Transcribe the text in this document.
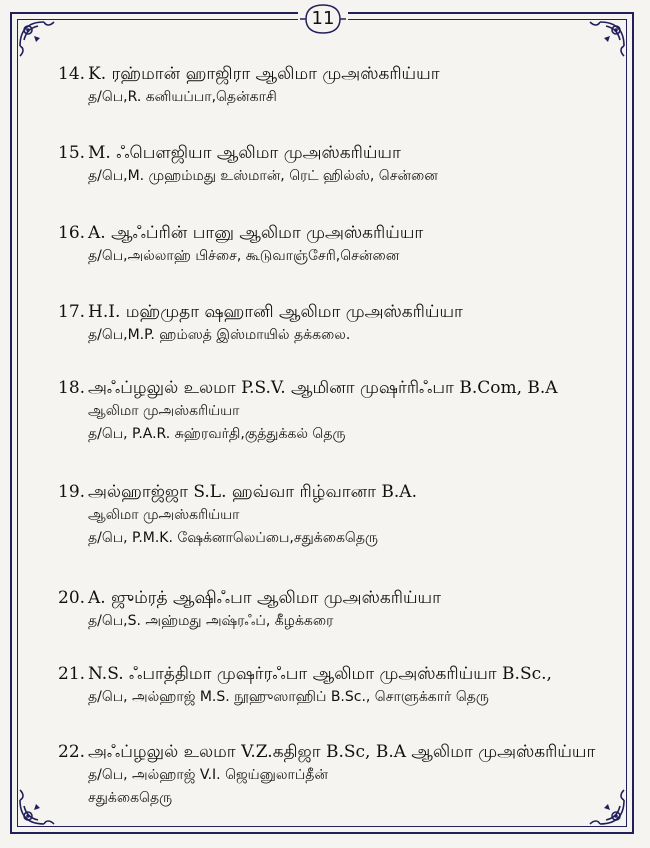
11
14. K. ரஹ்மான் ஹாஜிரா ஆலிமா முஅஸ்கரிய்யா
த/பெ,R. கனியப்பா,தென்காசி
15. M. ஃபௌஜியா ஆலிமா முஅஸ்கரிய்யா
த/பெ,M. முஹம்மது உஸ்மான், ரெட் ஹில்ஸ், சென்னை
16. A. ஆஃப்ரின் பானு ஆலிமா முஅஸ்கரிய்யா
த/பெ,அல்லாஹ் பிச்சை, கூடுவாஞ்சேரி,சென்னை
17. H.I. மஹ்முதா ஷஹானி ஆலிமா முஅஸ்கரிய்யா
த/பெ,M.P. ஹம்ஸத் இஸ்மாயில் தக்கலை.
18. அஃப்ழலுல் உலமா P.S.V. ஆமினா முஷர்ரிஃபா B.Com, B.A
ஆலிமா முஅஸ்கரிய்யா
த/பெ, P.A.R. சுஹ்ரவர்தி,குத்துக்கல் தெரு
19. அல்ஹாஜ்ஜா S.L. ஹவ்வா ரிழ்வானா B.A.
ஆலிமா முஅஸ்கரிய்யா
த/பெ, P.M.K. ஷேக்னாலெப்பை,சதுக்கைதெரு
20. A. ஜும்ரத் ஆஷிஃபா ஆலிமா முஅஸ்கரிய்யா
த/பெ,S. அஹ்மது அஷ்ரஃப், கீழக்கரை
21. N.S. ஃபாத்திமா முஷர்ரஃபா ஆலிமா முஅஸ்கரிய்யா B.Sc.,
த/பெ, அல்ஹாஜ் M.S. நூஹுஸாஹிப் B.Sc., சொளுக்கார் தெரு
22. அஃப்ழலுல் உலமா V.Z.கதிஜா B.Sc, B.A ஆலிமா முஅஸ்கரிய்யா
த/பெ, அல்ஹாஜ் V.I. ஜெய்னுலாப்தீன்
சதுக்கைதெரு
